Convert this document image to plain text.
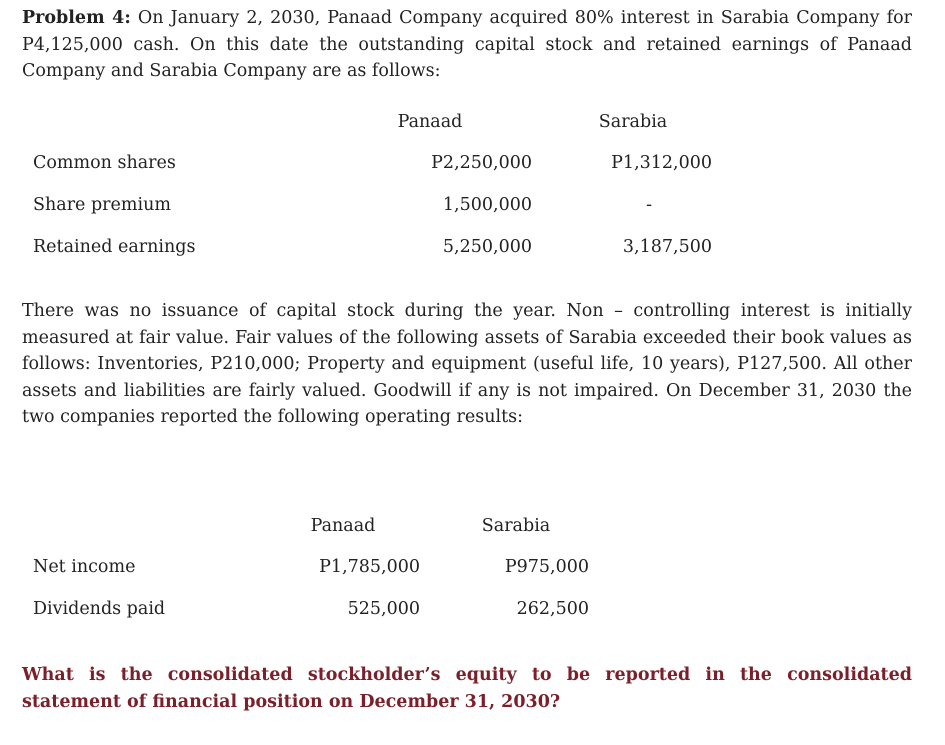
Problem 4: On January 2, 2030, Panaad Company acquired 80% interest in Sarabia Company for P4,125,000 cash. On this date the outstanding capital stock and retained earnings of Panaad Company and Sarabia Company are as follows:

Panaad	Sarabia
Common shares	P2,250,000	P1,312,000
Share premium	1,500,000	-
Retained earnings	5,250,000	3,187,500

There was no issuance of capital stock during the year. Non – controlling interest is initially measured at fair value. Fair values of the following assets of Sarabia exceeded their book values as follows: Inventories, P210,000; Property and equipment (useful life, 10 years), P127,500. All other assets and liabilities are fairly valued. Goodwill if any is not impaired. On December 31, 2030 the two companies reported the following operating results:

Panaad	Sarabia
Net income	P1,785,000	P975,000
Dividends paid	525,000	262,500

What is the consolidated stockholder’s equity to be reported in the consolidated statement of financial position on December 31, 2030?
